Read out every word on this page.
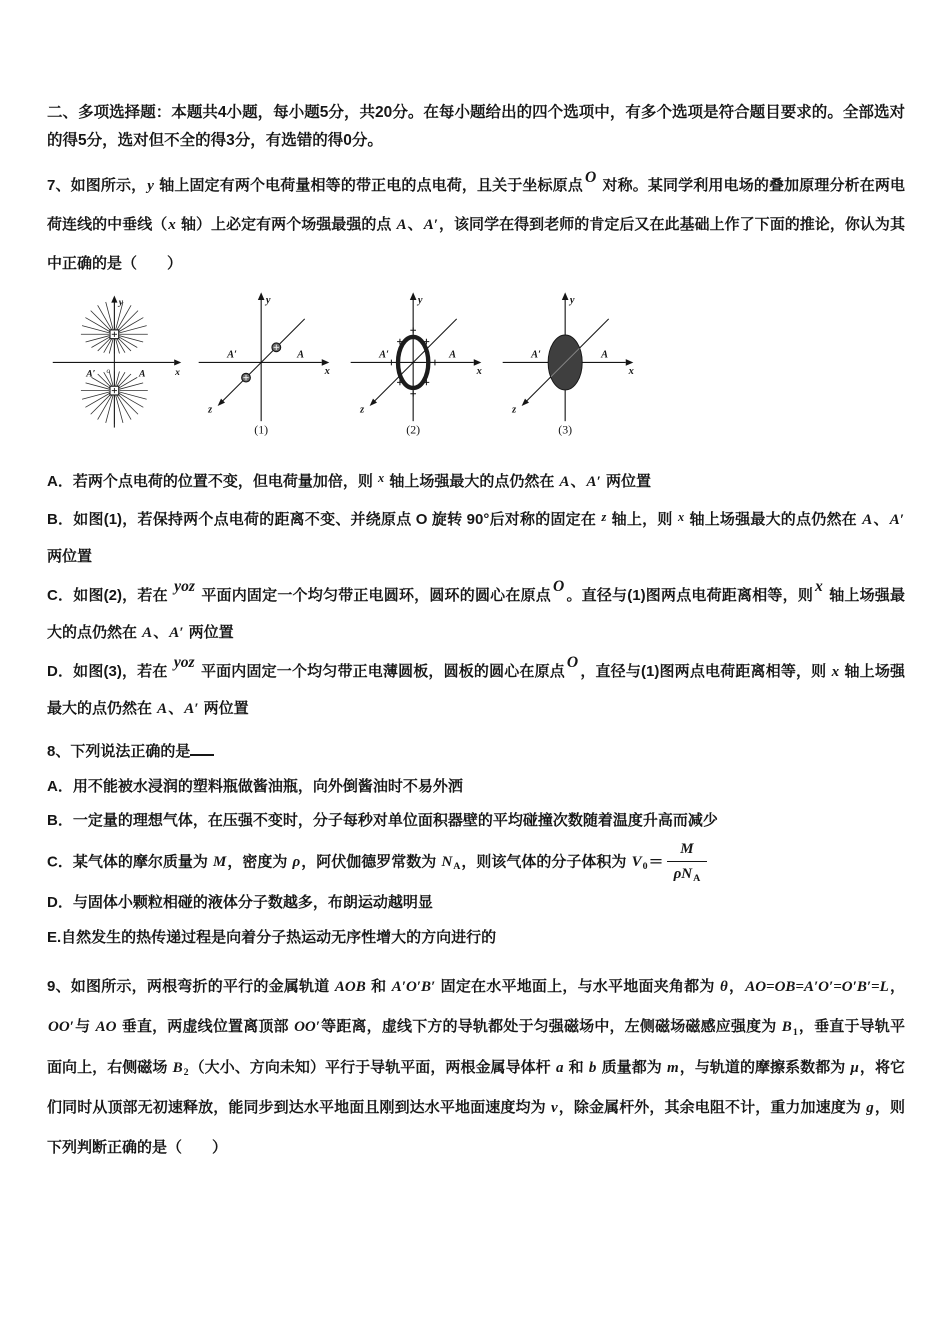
二、多项选择题：本题共4小题，每小题5分，共20分。在每小题给出的四个选项中，有多个选项是符合题目要求的。全部选对的得5分，选对但不全的得3分，有选错的得0分。

7、如图所示，y 轴上固定有两个电荷量相等的带正电的点电荷，且关于坐标原点O 对称。某同学利用电场的叠加原理分析在两电荷连线的中垂线（x 轴）上必定有两个场强最强的点 A、A′，该同学在得到老师的肯定后又在此基础上作了下面的推论，你认为其中正确的是（　　）

y
x
o
A′	A
y
x
z
A′	A
(1)
y
x
z
A′	A
(2)
y
x
z
A′	A
(3)

A．若两个点电荷的位置不变，但电荷量加倍，则 $^x$ 轴上场强最大的点仍然在 A、A′ 两位置

B．如图(1)，若保持两个点电荷的距离不变、并绕原点 O 旋转 90°后对称的固定在 $^z$ 轴上，则 $^x$ 轴上场强最大的点仍然在 A、A′ 两位置

C．如图(2)，若在 yoz 平面内固定一个均匀带正电圆环，圆环的圆心在原点O。直径与(1)图两点电荷距离相等，则x 轴上场强最大的点仍然在 A、A′ 两位置

D．如图(3)，若在 yoz 平面内固定一个均匀带正电薄圆板，圆板的圆心在原点O，直径与(1)图两点电荷距离相等，则 x 轴上场强最大的点仍然在 A、A′ 两位置

8、下列说法正确的是

A．用不能被水浸润的塑料瓶做酱油瓶，向外倒酱油时不易外洒

B．一定量的理想气体，在压强不变时，分子每秒对单位面积器壁的平均碰撞次数随着温度升高而减少

C．某气体的摩尔质量为 M，密度为 ρ，阿伏伽德罗常数为 $N_A$，则该气体的分子体积为 $V_0= \frac{M}{\rho N_A}$

D．与固体小颗粒相碰的液体分子数越多，布朗运动越明显

E.自然发生的热传递过程是向着分子热运动无序性增大的方向进行的

9、如图所示，两根弯折的平行的金属轨道 AOB 和 A′O′B′ 固定在水平地面上，与水平地面夹角都为 θ，AO=OB=A′O′=O′B′=L，OO′与 AO 垂直，两虚线位置离顶部 OO′等距离，虚线下方的导轨都处于匀强磁场中，左侧磁场磁感应强度为 $B_1$，垂直于导轨平面向上，右侧磁场 $B_2$（大小、方向未知）平行于导轨平面，两根金属导体杆 a 和 b 质量都为 m，与轨道的摩擦系数都为 μ，将它们同时从顶部无初速释放，能同步到达水平地面且刚到达水平地面速度均为 v，除金属杆外，其余电阻不计，重力加速度为 g，则下列判断正确的是（　　）
